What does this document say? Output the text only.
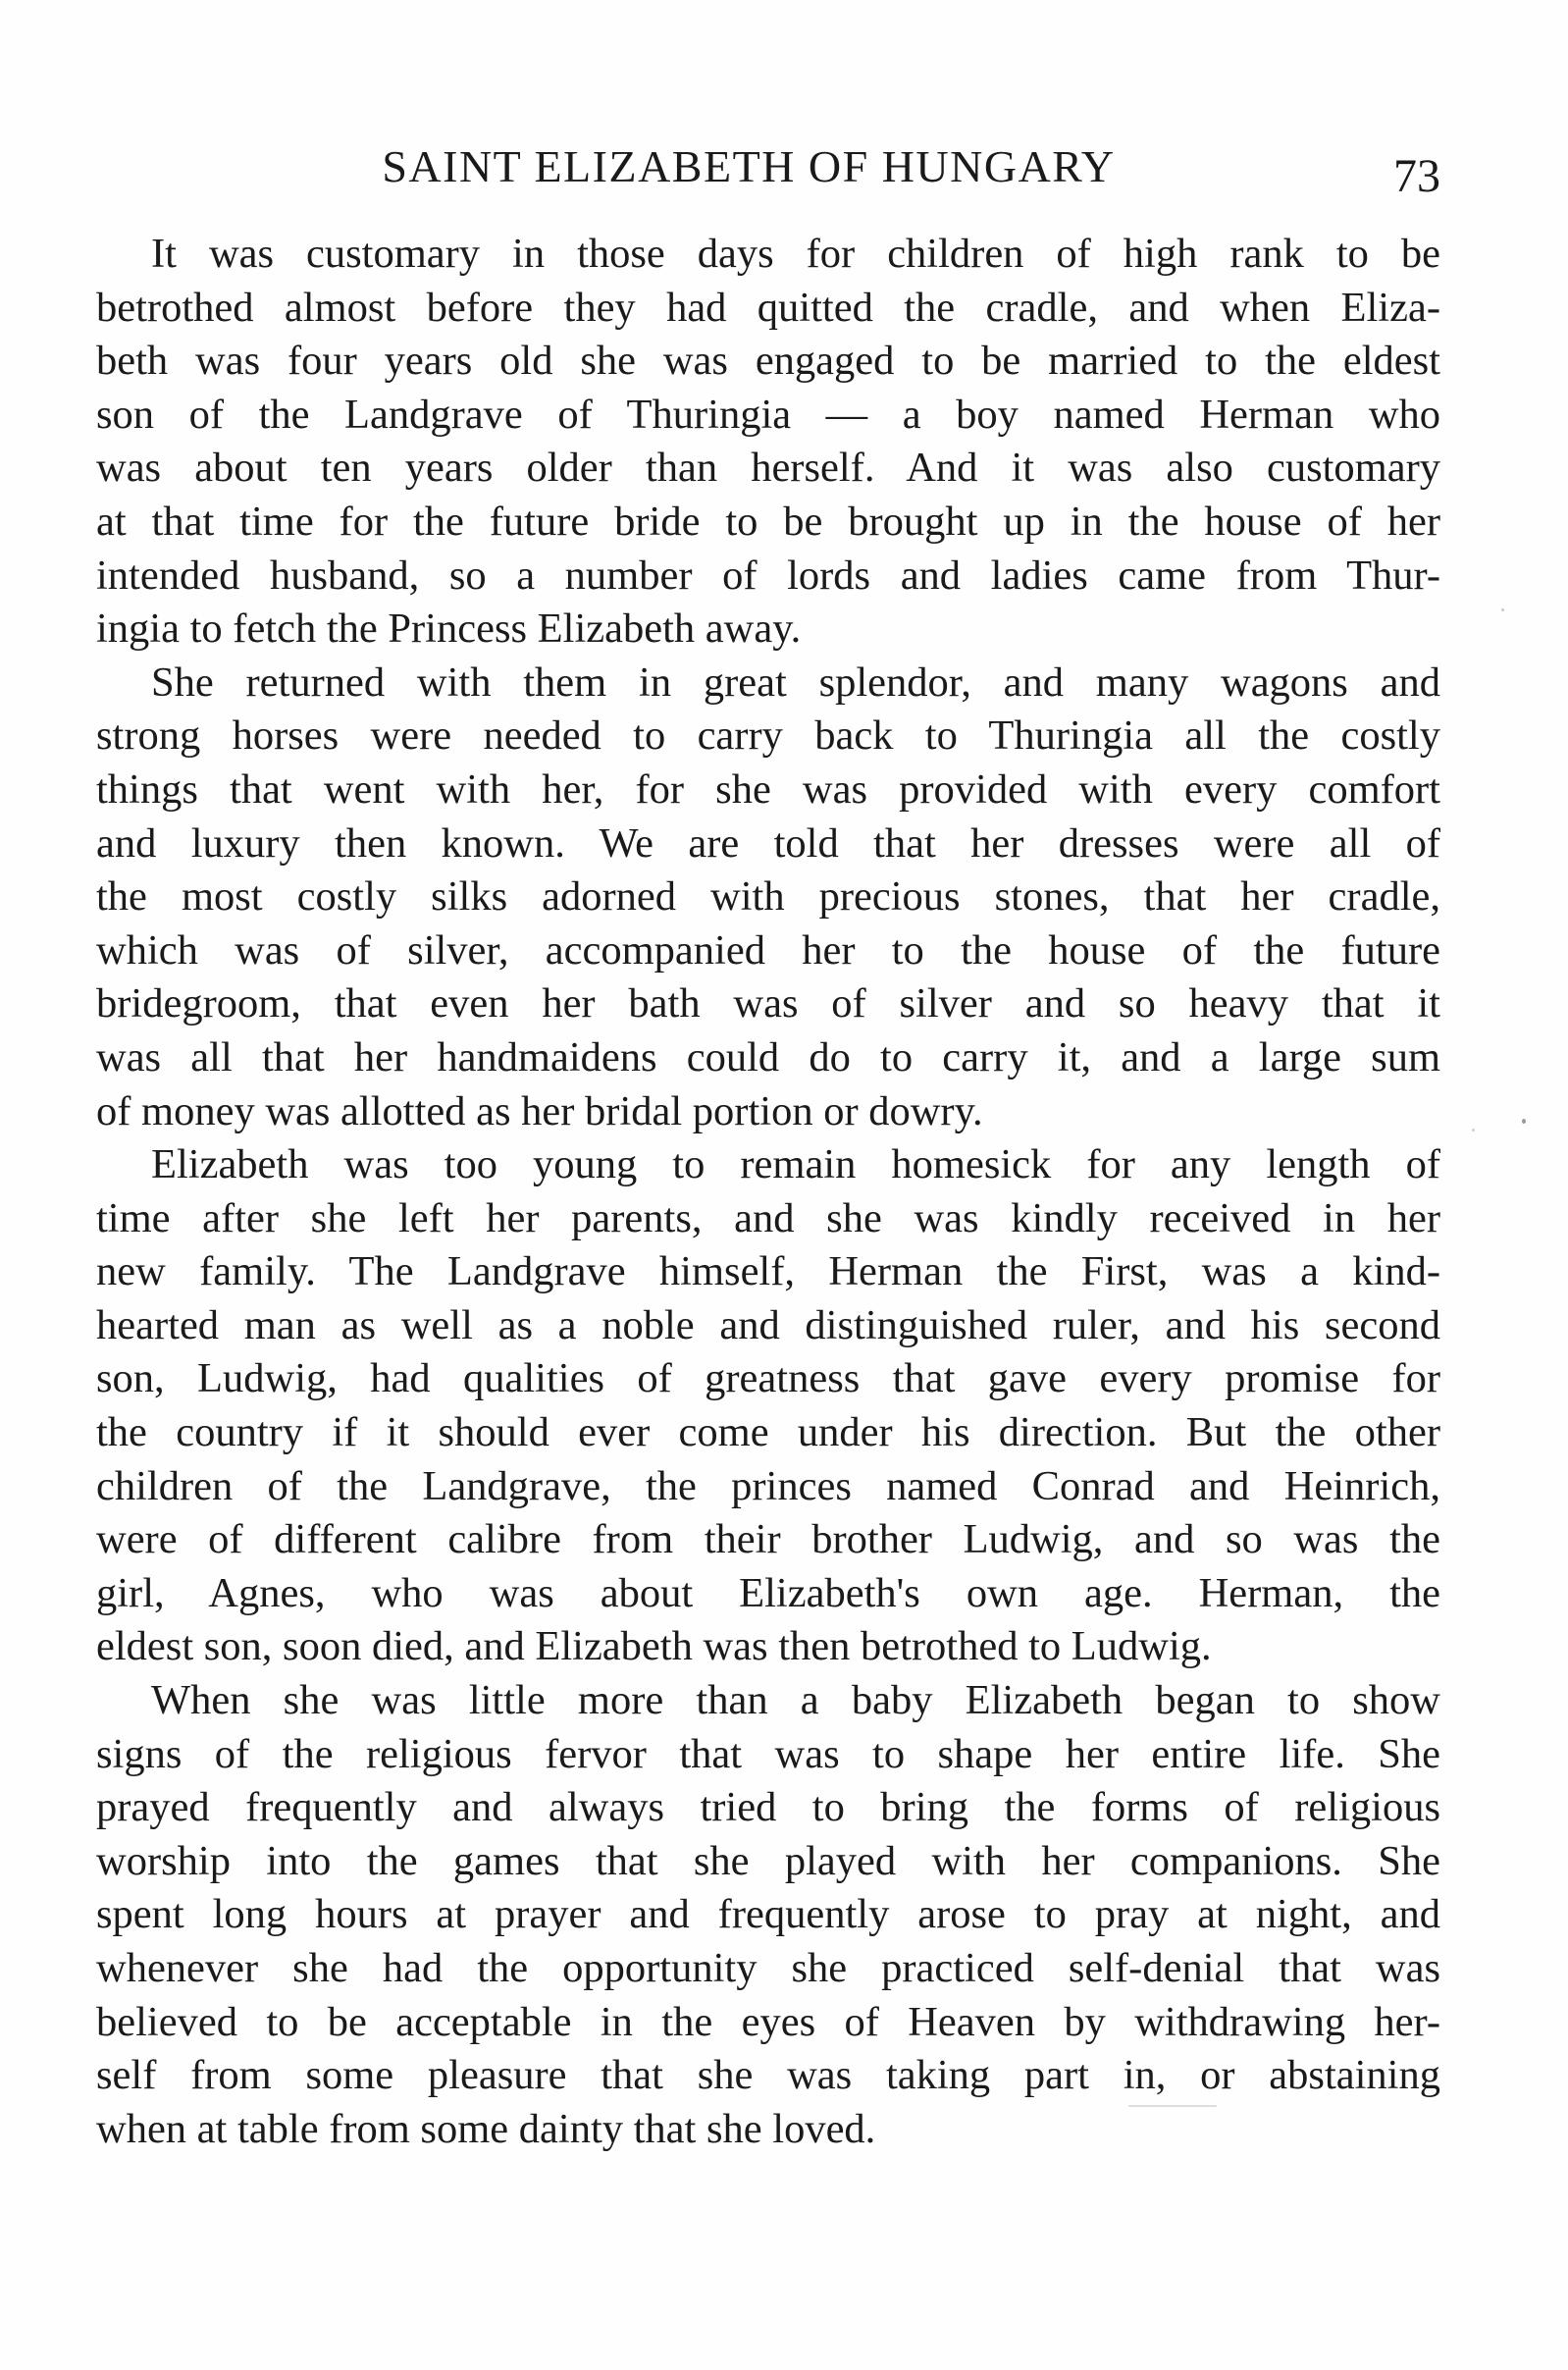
SAINT ELIZABETH OF HUNGARY	73
It was customary in those days for children of high rank to be
betrothed almost before they had quitted the cradle, and when Eliza-
beth was four years old she was engaged to be married to the eldest
son of the Landgrave of Thuringia — a boy named Herman who
was about ten years older than herself. And it was also customary
at that time for the future bride to be brought up in the house of her
intended husband, so a number of lords and ladies came from Thur-
ingia to fetch the Princess Elizabeth away.
She returned with them in great splendor, and many wagons and
strong horses were needed to carry back to Thuringia all the costly
things that went with her, for she was provided with every comfort
and luxury then known. We are told that her dresses were all of
the most costly silks adorned with precious stones, that her cradle,
which was of silver, accompanied her to the house of the future
bridegroom, that even her bath was of silver and so heavy that it
was all that her handmaidens could do to carry it, and a large sum
of money was allotted as her bridal portion or dowry.
Elizabeth was too young to remain homesick for any length of
time after she left her parents, and she was kindly received in her
new family. The Landgrave himself, Herman the First, was a kind-
hearted man as well as a noble and distinguished ruler, and his second
son, Ludwig, had qualities of greatness that gave every promise for
the country if it should ever come under his direction. But the other
children of the Landgrave, the princes named Conrad and Heinrich,
were of different calibre from their brother Ludwig, and so was the
girl, Agnes, who was about Elizabeth's own age. Herman, the
eldest son, soon died, and Elizabeth was then betrothed to Ludwig.
When she was little more than a baby Elizabeth began to show
signs of the religious fervor that was to shape her entire life. She
prayed frequently and always tried to bring the forms of religious
worship into the games that she played with her companions. She
spent long hours at prayer and frequently arose to pray at night, and
whenever she had the opportunity she practiced self-denial that was
believed to be acceptable in the eyes of Heaven by withdrawing her-
self from some pleasure that she was taking part in, or abstaining
when at table from some dainty that she loved.
